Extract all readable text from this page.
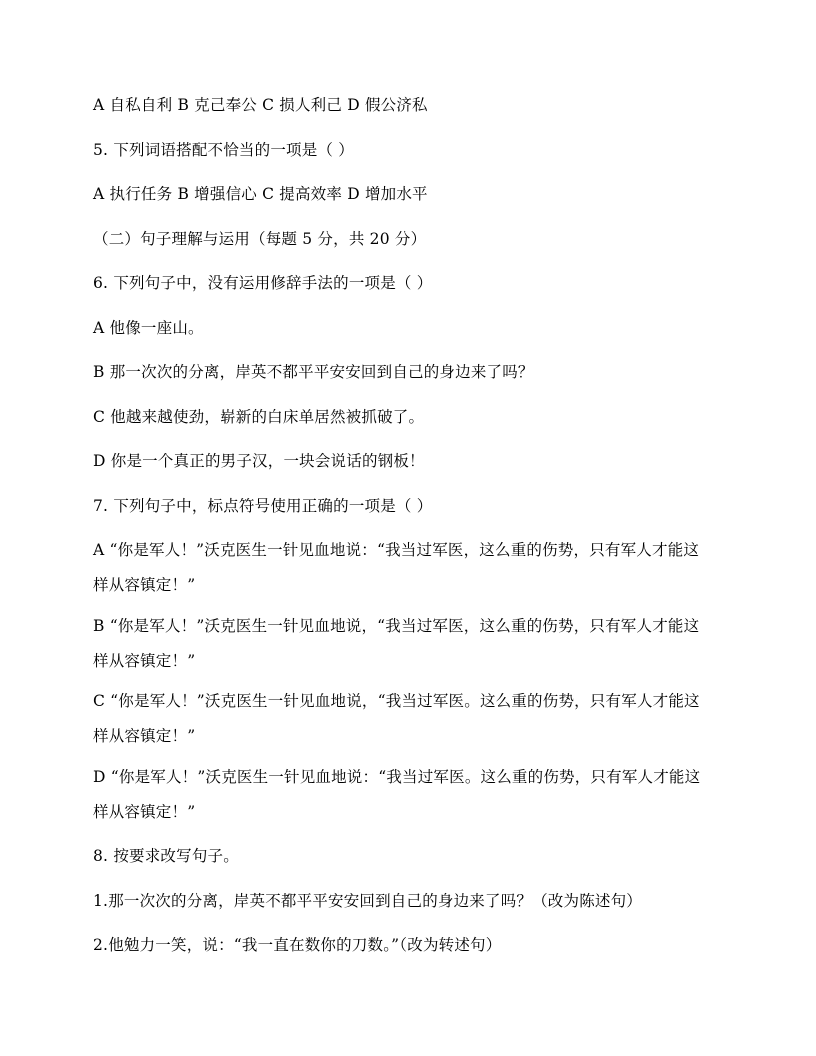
A 自私自利 B 克己奉公 C 损人利己 D 假公济私
5. 下列词语搭配不恰当的一项是（ ）
A 执行任务 B 增强信心 C 提高效率 D 增加水平
（二）句子理解与运用（每题 5 分，共 20 分）
6. 下列句子中，没有运用修辞手法的一项是（ ）
A 他像一座山。
B 那一次次的分离，岸英不都平平安安回到自己的身边来了吗？
C 他越来越使劲，崭新的白床单居然被抓破了。
D 你是一个真正的男子汉，一块会说话的钢板！
7. 下列句子中，标点符号使用正确的一项是（ ）
A “你是军人！”沃克医生一针见血地说：“我当过军医，这么重的伤势，只有军人才能这
样从容镇定！”
B “你是军人！”沃克医生一针见血地说，“我当过军医，这么重的伤势，只有军人才能这
样从容镇定！”
C “你是军人！”沃克医生一针见血地说，“我当过军医。这么重的伤势，只有军人才能这
样从容镇定！”
D “你是军人！”沃克医生一针见血地说：“我当过军医。这么重的伤势，只有军人才能这
样从容镇定！”
8. 按要求改写句子。
1.那一次次的分离，岸英不都平平安安回到自己的身边来了吗？（改为陈述句）
2.他勉力一笑，说：“我一直在数你的刀数。”（改为转述句）
